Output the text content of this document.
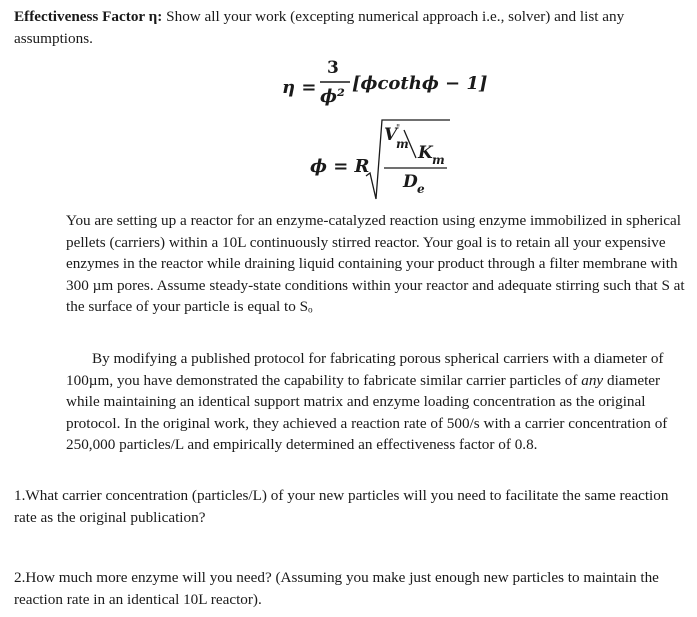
Effectiveness Factor η: Show all your work (excepting numerical approach i.e., solver) and list any assumptions.
η =
3
ϕ²
[ϕcothϕ − 1]
ϕ = R
V
"
m K m
D e
You are setting up a reactor for an enzyme-catalyzed reaction using enzyme immobilized in spherical pellets (carriers) within a 10L continuously stirred reactor. Your goal is to retain all your expensive enzymes in the reactor while draining liquid containing your product through a filter membrane with 300 µm pores. Assume steady-state conditions within your reactor and adequate stirring such that S at the surface of your particle is equal to Sₒ
By modifying a published protocol for fabricating porous spherical carriers with a diameter of 100µm, you have demonstrated the capability to fabricate similar carrier particles of any diameter while maintaining an identical support matrix and enzyme loading concentration as the original protocol. In the original work, they achieved a reaction rate of 500/s with a carrier concentration of 250,000 particles/L and empirically determined an effectiveness factor of 0.8.
1.What carrier concentration (particles/L) of your new particles will you need to facilitate the same reaction rate as the original publication?
2.How much more enzyme will you need? (Assuming you make just enough new particles to maintain the reaction rate in an identical 10L reactor).
